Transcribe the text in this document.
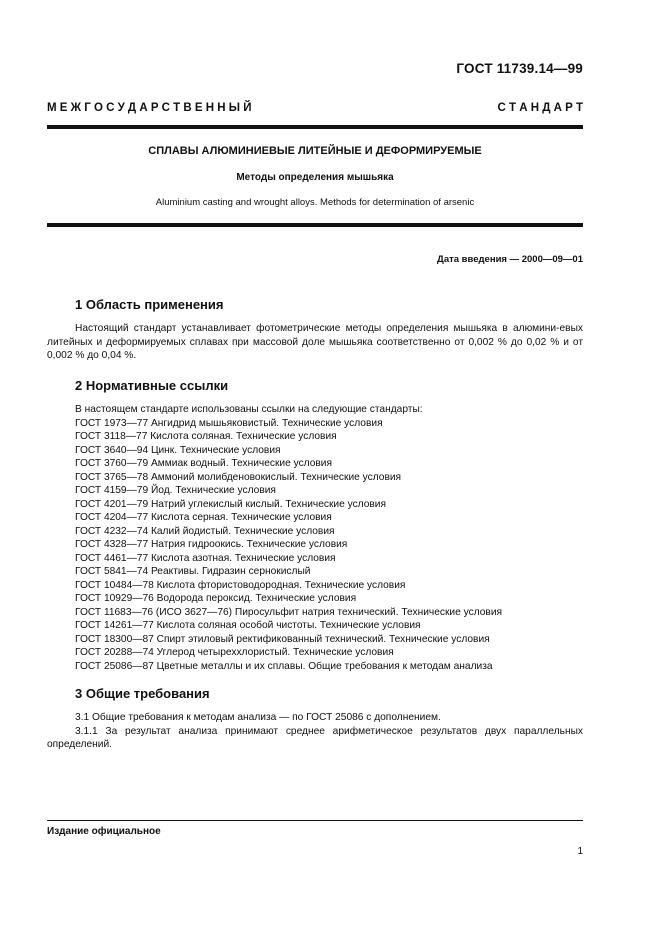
ГОСТ 11739.14—99
М Е Ж Г О С У Д А Р С Т В Е Н Н Ы Й	С Т А Н Д А Р Т
СПЛАВЫ АЛЮМИНИЕВЫЕ ЛИТЕЙНЫЕ И ДЕФОРМИРУЕМЫЕ
Методы определения мышьяка
Aluminium casting and wrought alloys. Methods for determination of arsenic
Дата введения — 2000—09—01
1 Область применения
Настоящий стандарт устанавливает фотометрические методы определения мышьяка в алюмини-евых литейных и деформируемых сплавах при массовой доле мышьяка соответственно от 0,002 % до 0,02 % и от 0,002 % до 0,04 %.
2 Нормативные ссылки
В настоящем стандарте использованы ссылки на следующие стандарты:
ГОСТ 1973—77 Ангидрид мышьяковистый. Технические условия
ГОСТ 3118—77 Кислота соляная. Технические условия
ГОСТ 3640—94 Цинк. Технические условия
ГОСТ 3760—79 Аммиак водный. Технические условия
ГОСТ 3765—78 Аммоний молибденовокислый. Технические условия
ГОСТ 4159—79 Йод. Технические условия
ГОСТ 4201—79 Натрий углекислый кислый. Технические условия
ГОСТ 4204—77 Кислота серная. Технические условия
ГОСТ 4232—74 Калий йодистый. Технические условия
ГОСТ 4328—77 Натрия гидроокись. Технические условия
ГОСТ 4461—77 Кислота азотная. Технические условия
ГОСТ 5841—74 Реактивы. Гидразин сернокислый
ГОСТ 10484—78 Кислота фтористоводородная. Технические условия
ГОСТ 10929—76 Водорода пероксид. Технические условия
ГОСТ 11683—76 (ИСО 3627—76) Пиросульфит натрия технический. Технические условия
ГОСТ 14261—77 Кислота соляная особой чистоты. Технические условия
ГОСТ 18300—87 Спирт этиловый ректификованный технический. Технические условия
ГОСТ 20288—74 Углерод четыреххлористый. Технические условия
ГОСТ 25086—87 Цветные металлы и их сплавы. Общие требования к методам анализа
3 Общие требования
3.1 Общие требования к методам анализа — по ГОСТ 25086 с дополнением.
3.1.1 За результат анализа принимают среднее арифметическое результатов двух параллельных определений.
Издание официальное
1
